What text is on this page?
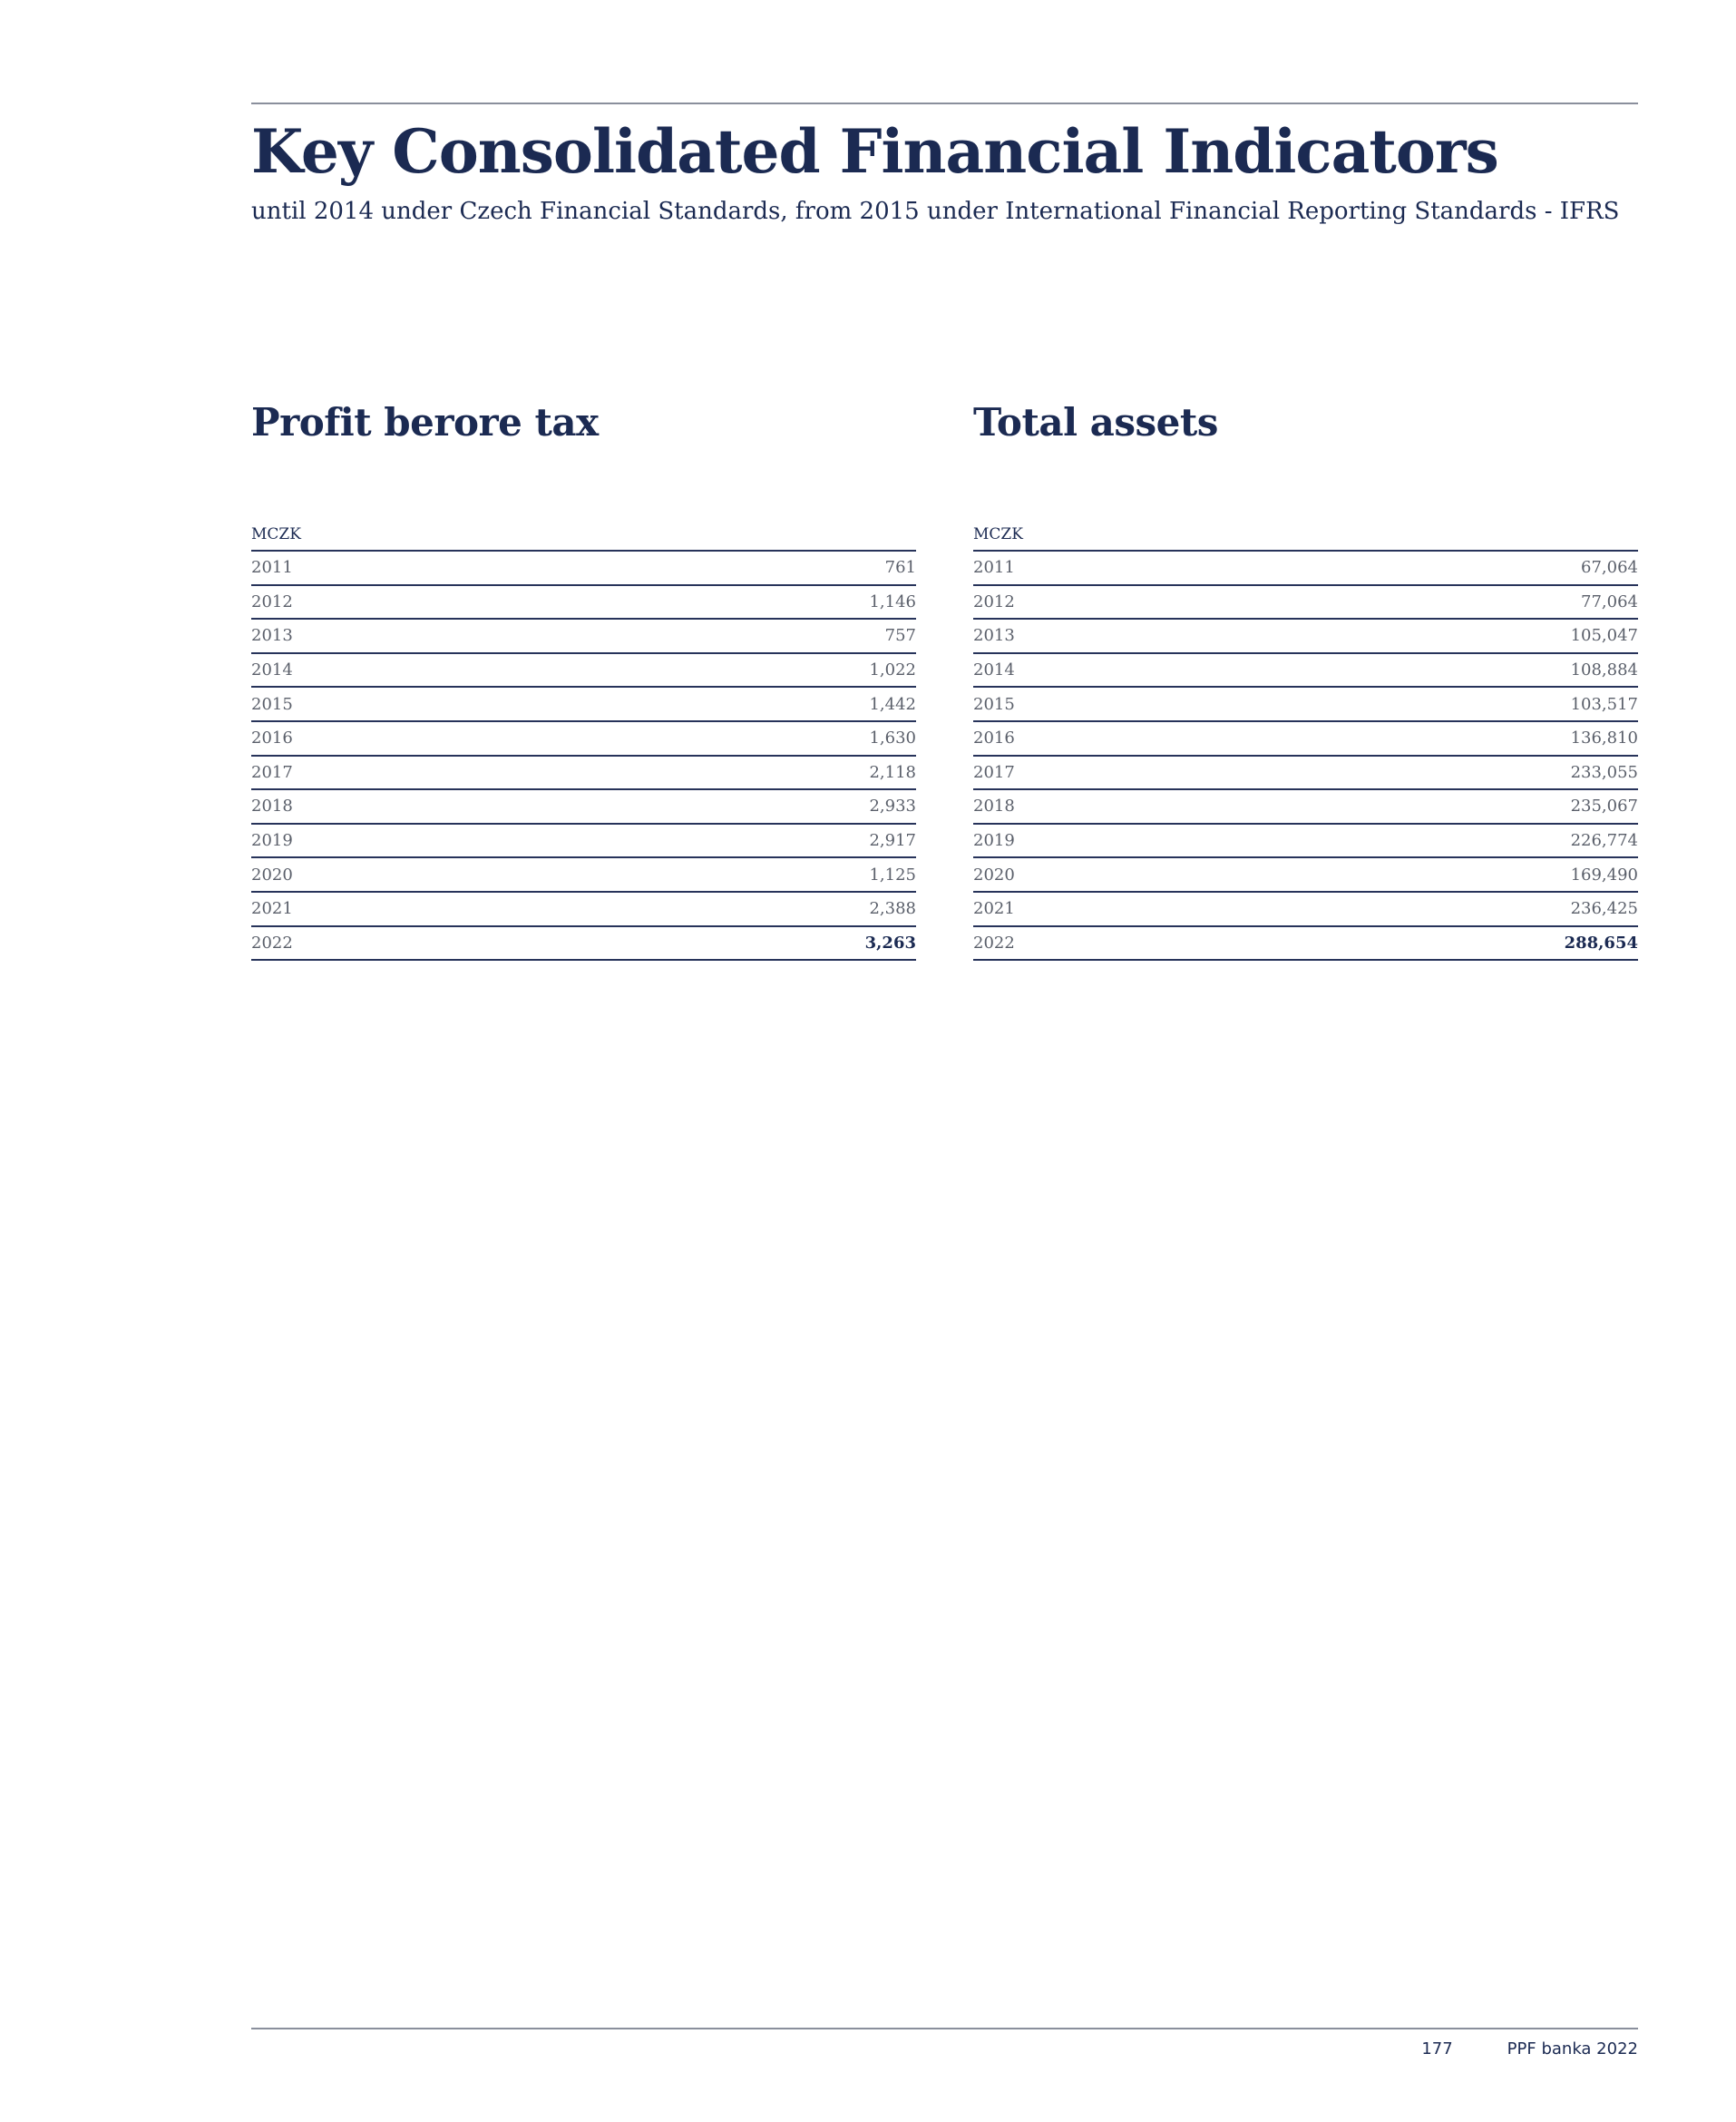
Key Consolidated Financial Indicators

until 2014 under Czech Financial Standards, from 2015 under International Financial Reporting Standards - IFRS

Profit berore tax
MCZK
2011	761
2012	1,146
2013	757
2014	1,022
2015	1,442
2016	1,630
2017	2,118
2018	2,933
2019	2,917
2020	1,125
2021	2,388
2022	3,263
Total assets
MCZK
2011	67,064
2012	77,064
2013	105,047
2014	108,884
2015	103,517
2016	136,810
2017	233,055
2018	235,067
2019	226,774
2020	169,490
2021	236,425
2022	288,654
177	PPF banka 2022
